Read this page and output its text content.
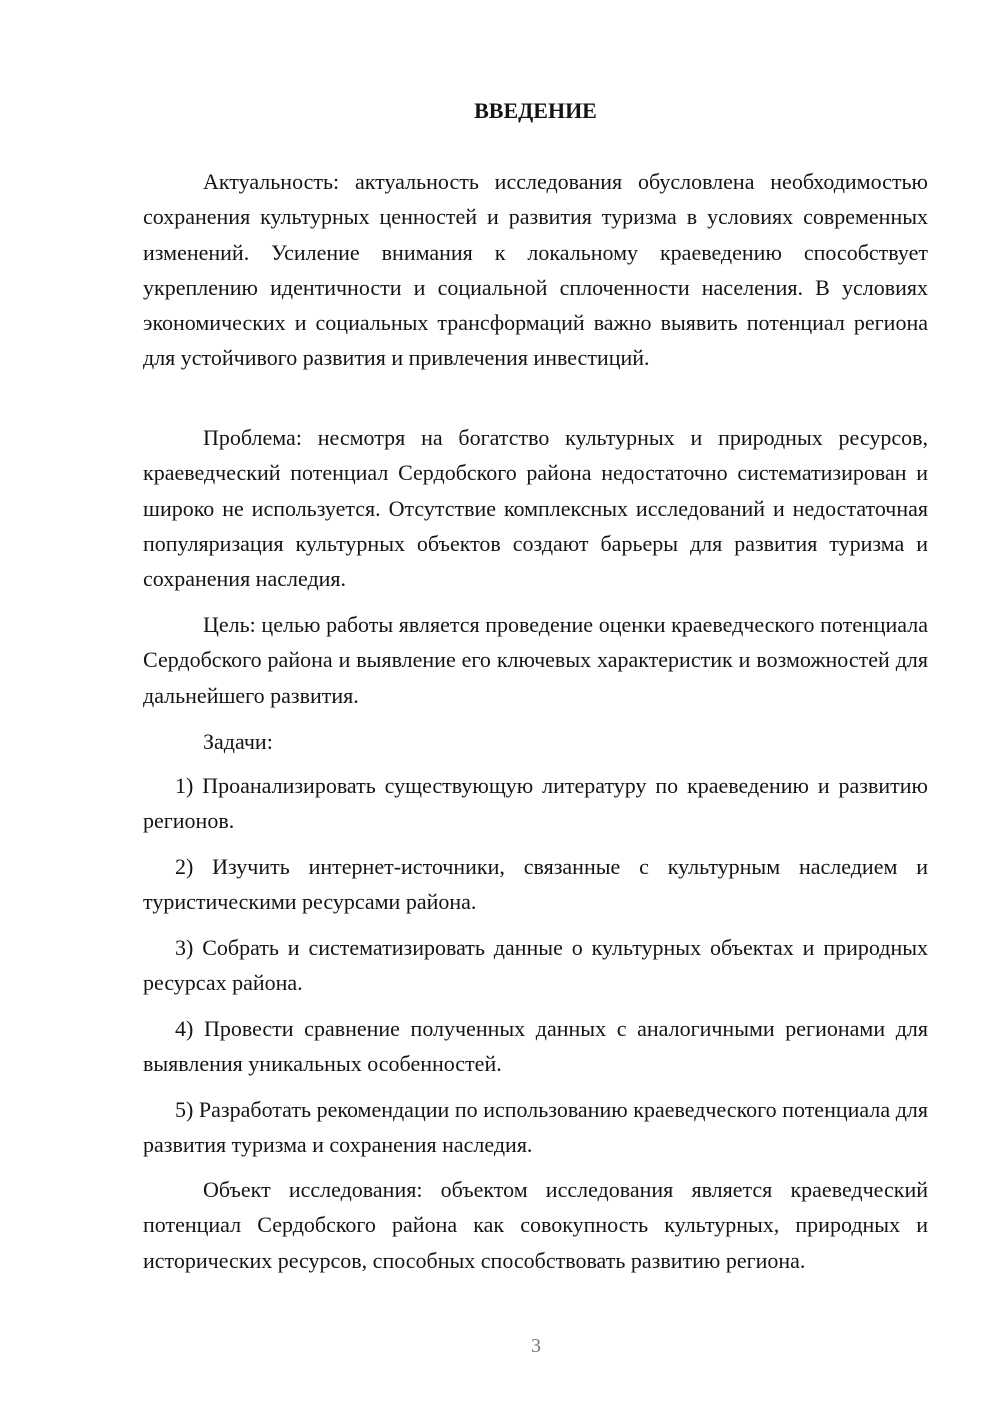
ВВЕДЕНИЕ

Актуальность: актуальность исследования обусловлена необходимостью сохранения культурных ценностей и развития туризма в условиях современных изменений. Усиление внимания к локальному краеведению способствует укреплению идентичности и социальной сплоченности населения. В условиях экономических и социальных трансформаций важно выявить потенциал региона для устойчивого развития и привлечения инвестиций.

Проблема: несмотря на богатство культурных и природных ресурсов, краеведческий потенциал Сердобского района недостаточно систематизирован и широко не используется. Отсутствие комплексных исследований и недостаточная популяризация культурных объектов создают барьеры для развития туризма и сохранения наследия.

Цель: целью работы является проведение оценки краеведческого потенциала Сердобского района и выявление его ключевых характеристик и возможностей для дальнейшего развития.

Задачи:

1) Проанализировать существующую литературу по краеведению и развитию регионов.

2) Изучить интернет-источники, связанные с культурным наследием и туристическими ресурсами района.

3) Собрать и систематизировать данные о культурных объектах и природных ресурсах района.

4) Провести сравнение полученных данных с аналогичными регионами для выявления уникальных особенностей.

5) Разработать рекомендации по использованию краеведческого потенциала для развития туризма и сохранения наследия.

Объект исследования: объектом исследования является краеведческий потенциал Сердобского района как совокупность культурных, природных и исторических ресурсов, способных способствовать развитию региона.

3
